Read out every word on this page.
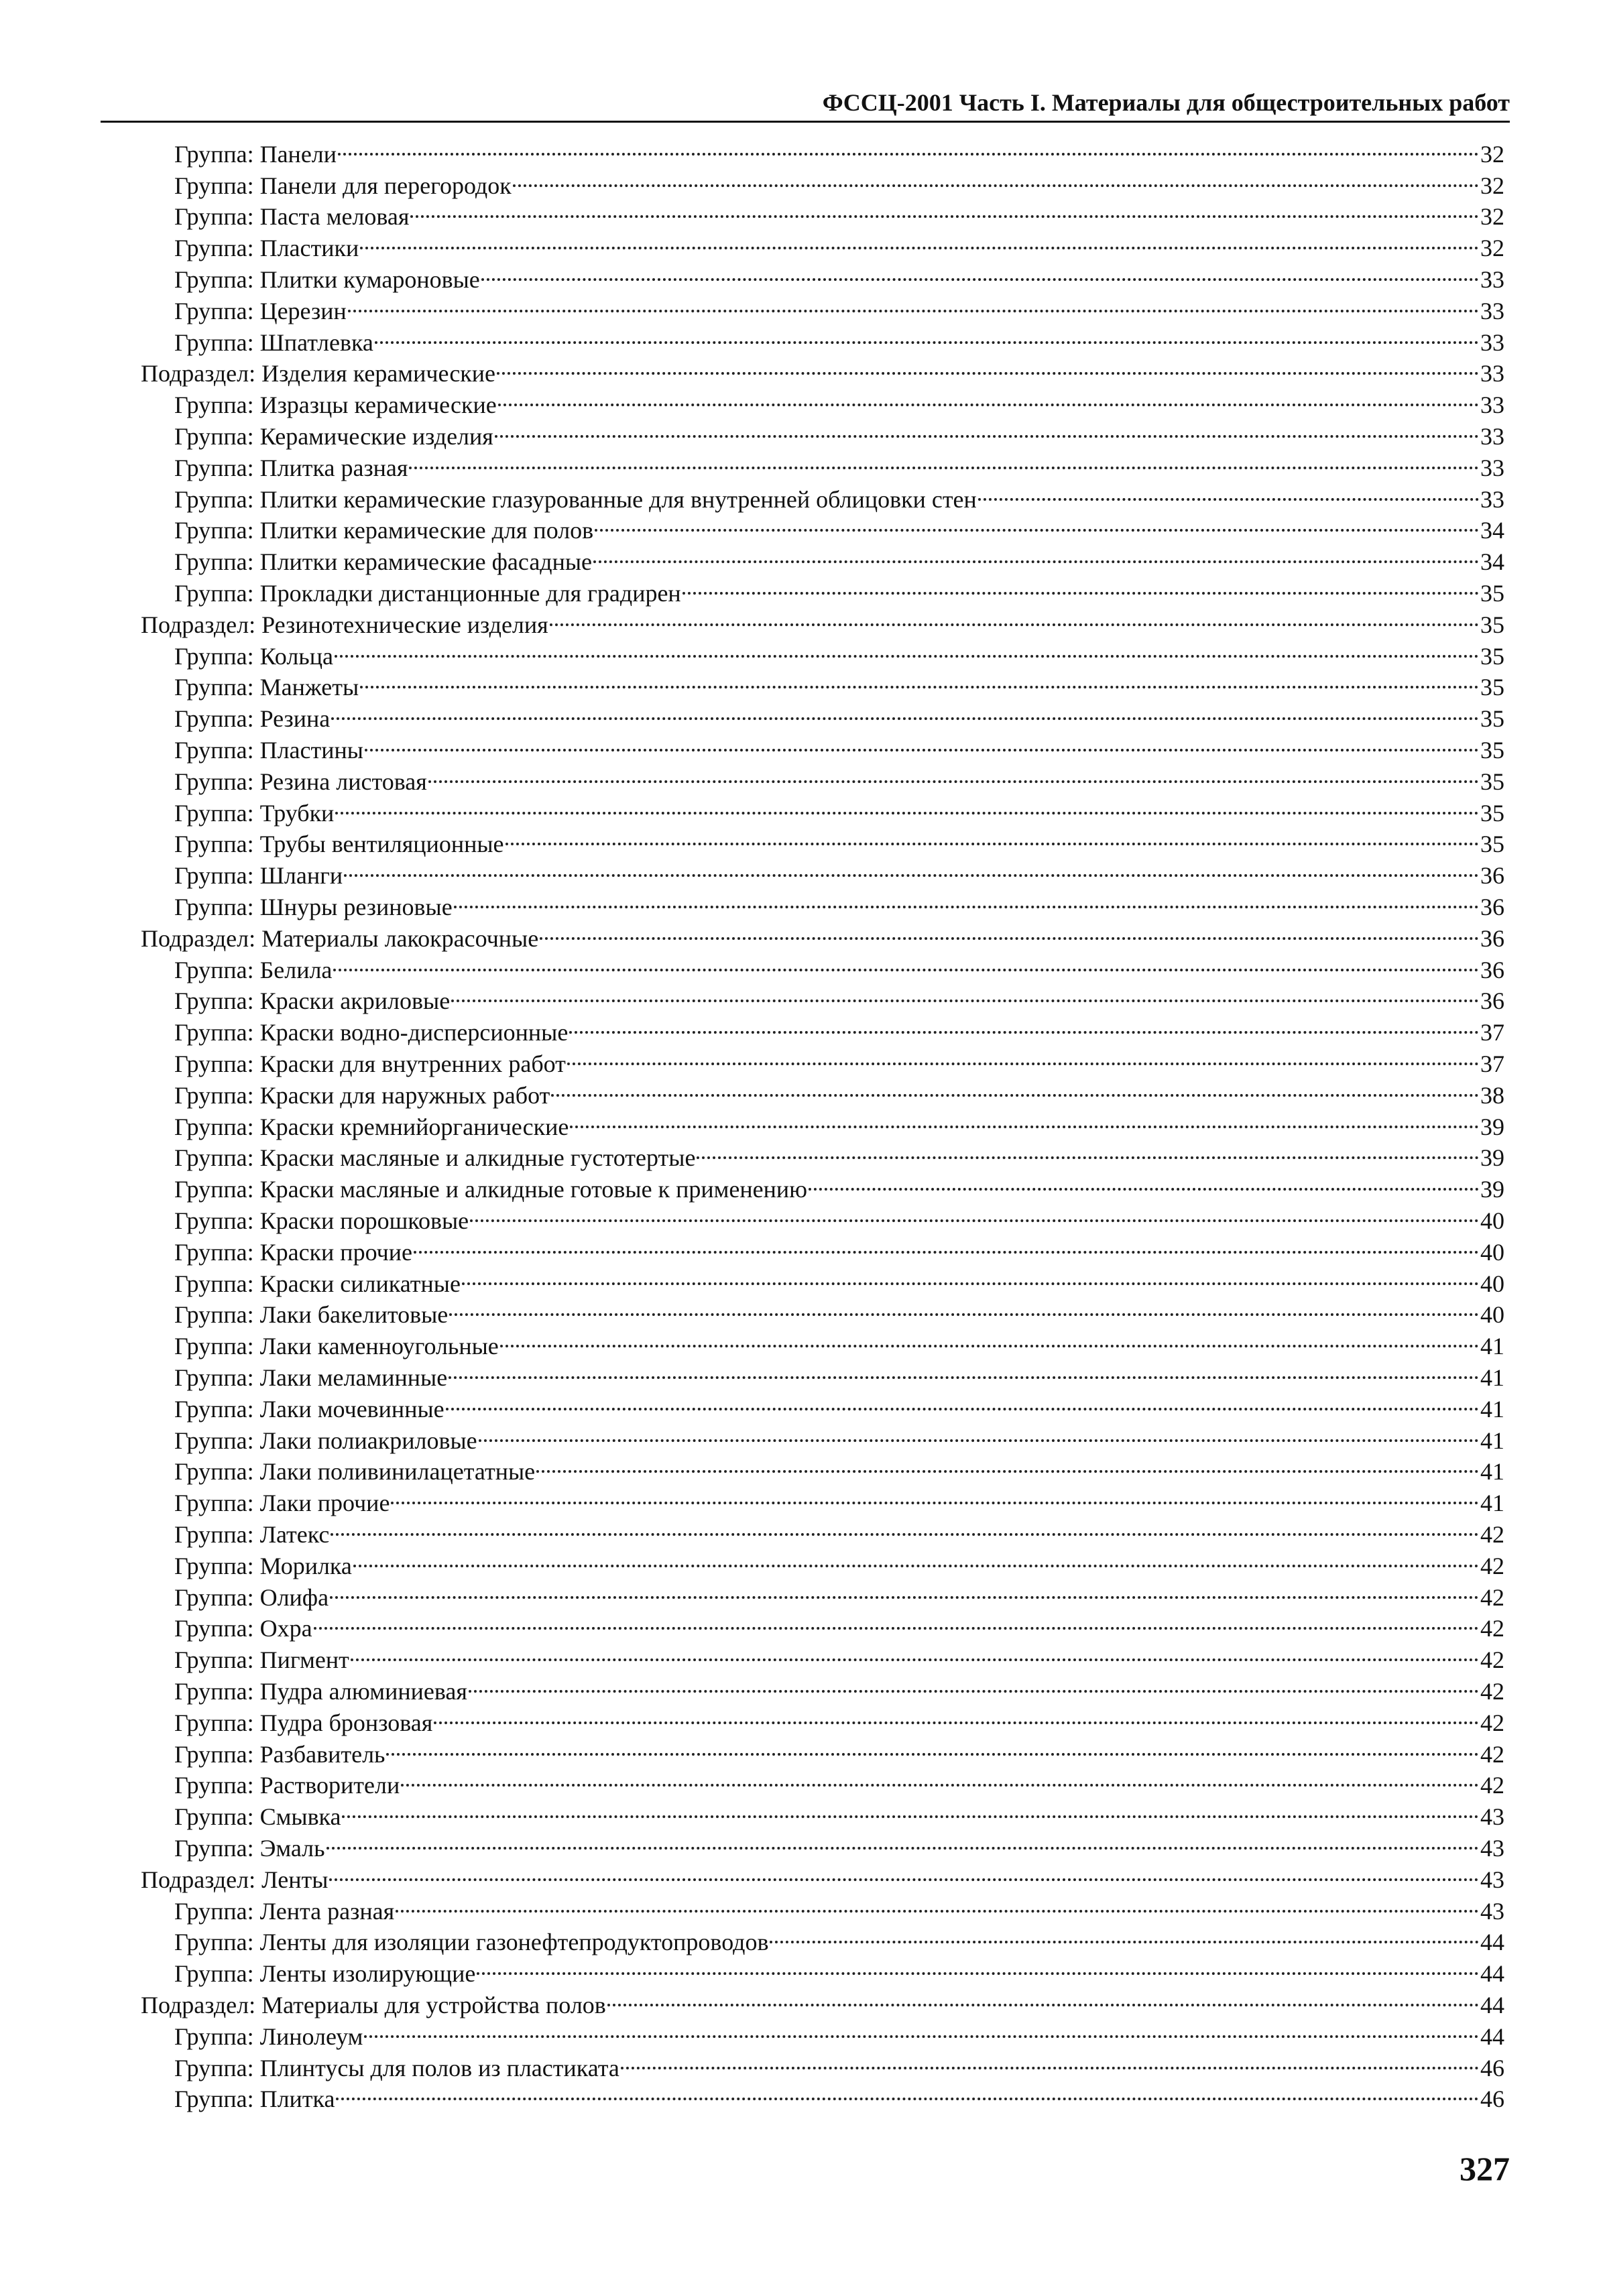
ФССЦ-2001 Часть I. Материалы для общестроительных работ
Группа: Панели	32
Группа: Панели для перегородок	32
Группа: Паста меловая	32
Группа: Пластики	32
Группа: Плитки кумароновые	33
Группа: Церезин	33
Группа: Шпатлевка	33
Подраздел: Изделия керамические	33
Группа: Изразцы керамические	33
Группа: Керамические изделия	33
Группа: Плитка разная	33
Группа: Плитки керамические глазурованные для внутренней облицовки стен	33
Группа: Плитки керамические для полов	34
Группа: Плитки керамические фасадные	34
Группа: Прокладки дистанционные для градирен	35
Подраздел: Резинотехнические изделия	35
Группа: Кольца	35
Группа: Манжеты	35
Группа: Резина	35
Группа: Пластины	35
Группа: Резина листовая	35
Группа: Трубки	35
Группа: Трубы вентиляционные	35
Группа: Шланги	36
Группа: Шнуры резиновые	36
Подраздел: Материалы лакокрасочные	36
Группа: Белила	36
Группа: Краски акриловые	36
Группа: Краски водно-дисперсионные	37
Группа: Краски для внутренних работ	37
Группа: Краски для наружных работ	38
Группа: Краски кремнийорганические	39
Группа: Краски масляные и алкидные густотертые	39
Группа: Краски масляные и алкидные готовые к применению	39
Группа: Краски порошковые	40
Группа: Краски прочие	40
Группа: Краски силикатные	40
Группа: Лаки бакелитовые	40
Группа: Лаки каменноугольные	41
Группа: Лаки меламинные	41
Группа: Лаки мочевинные	41
Группа: Лаки полиакриловые	41
Группа: Лаки поливинилацетатные	41
Группа: Лаки прочие	41
Группа: Латекс	42
Группа: Морилка	42
Группа: Олифа	42
Группа: Охра	42
Группа: Пигмент	42
Группа: Пудра алюминиевая	42
Группа: Пудра бронзовая	42
Группа: Разбавитель	42
Группа: Растворители	42
Группа: Смывка	43
Группа: Эмаль	43
Подраздел: Ленты	43
Группа: Лента разная	43
Группа: Ленты для изоляции газонефтепродуктопроводов	44
Группа: Ленты изолирующие	44
Подраздел: Материалы для устройства полов	44
Группа: Линолеум	44
Группа: Плинтусы для полов из пластиката	46
Группа: Плитка	46
327
